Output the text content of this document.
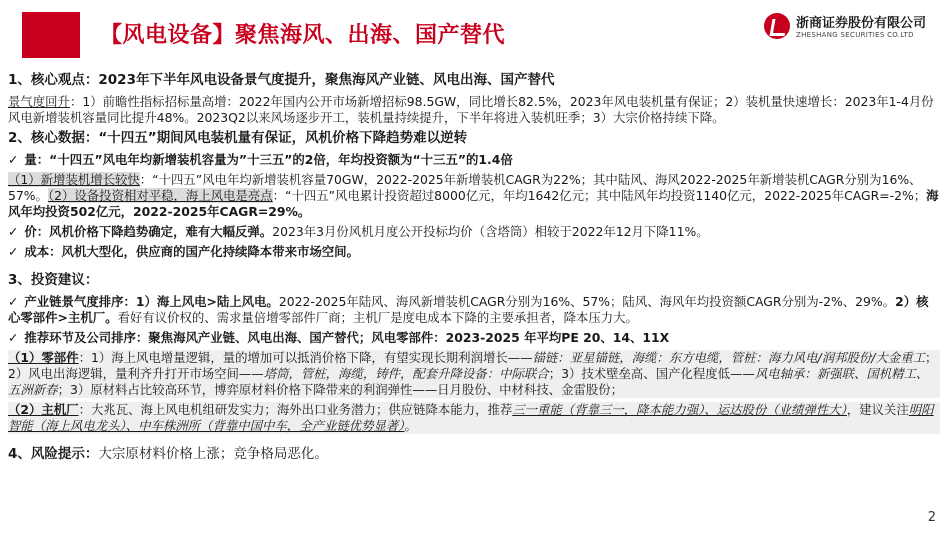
【风电设备】聚焦海风、出海、国产替代	浙商证券股份有限公司
ZHESHANG SECURITIES CO.LTD
1、核心观点：2023年下半年风电设备景气度提升，聚焦海风产业链、风电出海、国产替代
景气度回升：1）前瞻性指标招标量高增：2022年国内公开市场新增招标98.5GW，同比增长82.5%，2023年风电装机量有保证；2）装机量快速增长：2023年1-4月份风电新增装机容量同比提升48%。2023Q2以来风场逐步开工，装机量持续提升，下半年将进入装机旺季；3）大宗价格持续下降。
2、核心数据：“十四五”期间风电装机量有保证，风机价格下降趋势难以逆转
✓ 量：“十四五”风电年均新增装机容量为”十三五”的2倍，年均投资额为“十三五”的1.4倍
（1）新增装机增长较快：“十四五”风电年均新增装机容量70GW，2022-2025年新增装机CAGR为22%；其中陆风、海风2022-2025年新增装机CAGR分别为16%、57%。（2）设备投资相对平稳，海上风电是亮点：“十四五”风电累计投资超过8000亿元，年均1642亿元；其中陆风年均投资1140亿元，2022-2025年CAGR=-2%；海风年均投资502亿元，2022-2025年CAGR=29%。
✓ 价：风机价格下降趋势确定，难有大幅反弹。2023年3月份风机月度公开投标均价（含塔筒）相较于2022年12月下降11%。
✓ 成本：风机大型化，供应商的国产化持续降本带来市场空间。
3、投资建议：
✓ 产业链景气度排序：1）海上风电>陆上风电。2022-2025年陆风、海风新增装机CAGR分别为16%、57%；陆风、海风年均投资额CAGR分别为-2%、29%。2）核心零部件>主机厂。看好有议价权的、需求量倍增零部件厂商；主机厂是度电成本下降的主要承担者，降本压力大。
✓ 推荐环节及公司排序：聚焦海风产业链、风电出海、国产替代；风电零部件：2023-2025 年平均PE 20、14、11X
（1）零部件：1）海上风电增量逻辑，量的增加可以抵消价格下降，有望实现长期利润增长——锚链：亚星锚链，海缆：东方电缆，管桩：海力风电/润邦股份/大金重工；2）风电出海逻辑，量利齐升打开市场空间——塔筒，管桩，海缆，铸件，配套升降设备：中际联合；3）技术壁垒高、国产化程度低——风电轴承：新强联、国机精工、五洲新春；3）原材料占比较高环节，博弈原材料价格下降带来的利润弹性——日月股份、中材科技、金雷股份；
（2）主机厂：大兆瓦、海上风电机组研发实力；海外出口业务潜力；供应链降本能力，推荐三一重能（背靠三一，降本能力强）、运达股份（业绩弹性大），建议关注明阳智能（海上风电龙头）、中车株洲所（背靠中国中车，全产业链优势显著）。
4、风险提示：大宗原材料价格上涨；竞争格局恶化。
2
